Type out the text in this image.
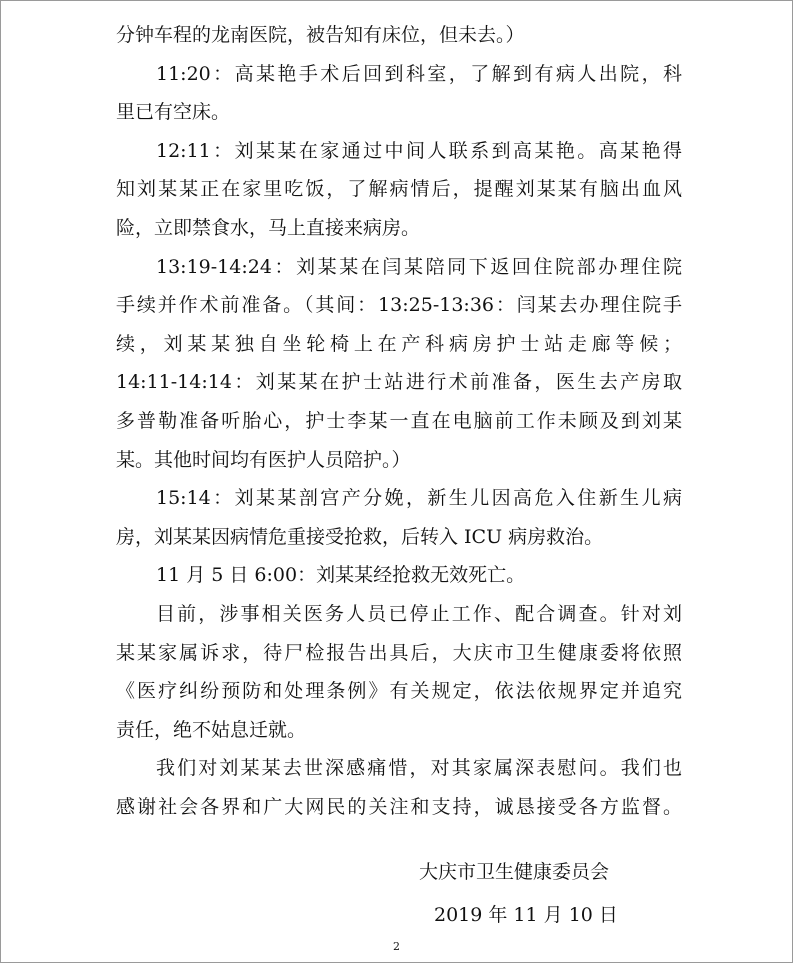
分钟车程的龙南医院，被告知有床位，但未去。）
11:20：高某艳手术后回到科室，了解到有病人出院，科
里已有空床。
12:11：刘某某在家通过中间人联系到高某艳。高某艳得
知刘某某正在家里吃饭，了解病情后，提醒刘某某有脑出血风
险，立即禁食水，马上直接来病房。
13:19-14:24：刘某某在闫某陪同下返回住院部办理住院
手续并作术前准备。（其间：13:25-13:36：闫某去办理住院手
续，刘某某独自坐轮椅上在产科病房护士站走廊等候；
14:11-14:14：刘某某在护士站进行术前准备，医生去产房取
多普勒准备听胎心，护士李某一直在电脑前工作未顾及到刘某
某。其他时间均有医护人员陪护。）
15:14：刘某某剖宫产分娩，新生儿因高危入住新生儿病
房，刘某某因病情危重接受抢救，后转入 ICU 病房救治。
11 月 5 日 6:00：刘某某经抢救无效死亡。
目前，涉事相关医务人员已停止工作、配合调查。针对刘
某某家属诉求，待尸检报告出具后，大庆市卫生健康委将依照
《医疗纠纷预防和处理条例》有关规定，依法依规界定并追究
责任，绝不姑息迁就。
我们对刘某某去世深感痛惜，对其家属深表慰问。我们也
感谢社会各界和广大网民的关注和支持，诚恳接受各方监督。
大庆市卫生健康委员会
2019 年 11 月 10 日
2
